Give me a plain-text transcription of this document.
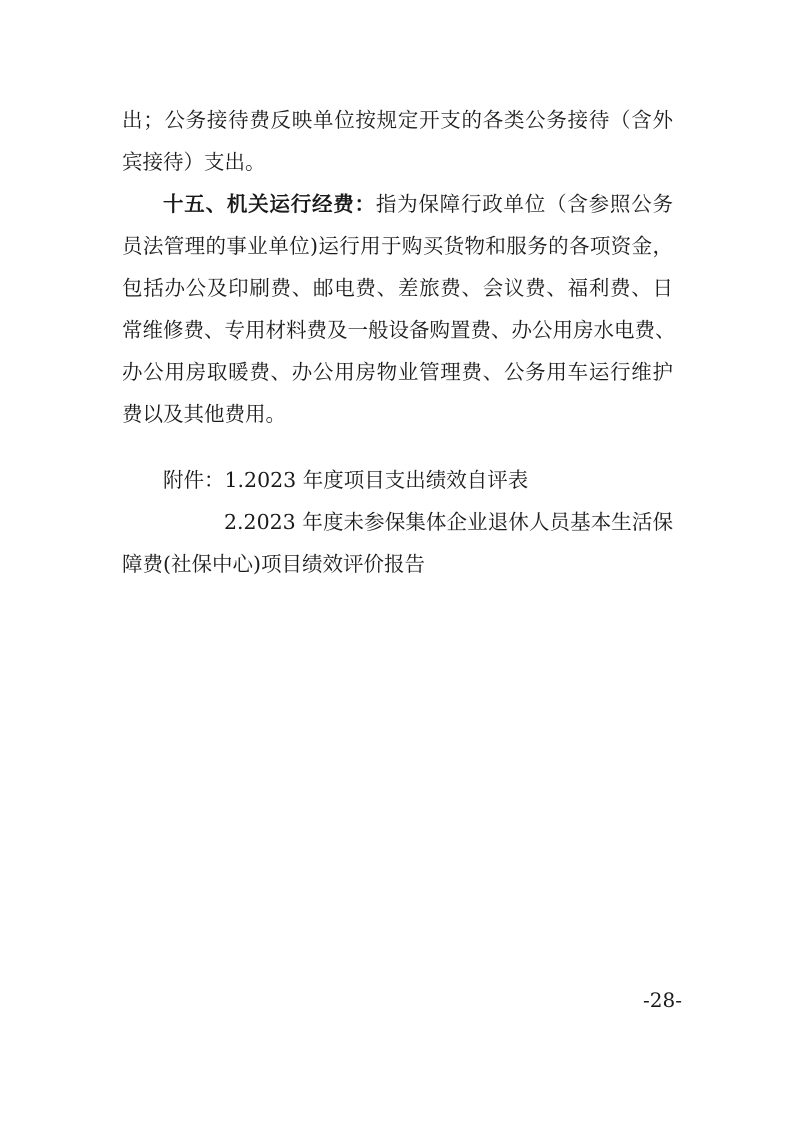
出；公务接待费反映单位按规定开支的各类公务接待（含外
宾接待）支出。
十五、机关运行经费：指为保障行政单位（含参照公务
员法管理的事业单位)运行用于购买货物和服务的各项资金，
包括办公及印刷费、邮电费、差旅费、会议费、福利费、日
常维修费、专用材料费及一般设备购置费、办公用房水电费、
办公用房取暖费、办公用房物业管理费、公务用车运行维护
费以及其他费用。
附件：1.2023 年度项目支出绩效自评表
2.2023 年度未参保集体企业退休人员基本生活保
障费(社保中心)项目绩效评价报告
-28-
